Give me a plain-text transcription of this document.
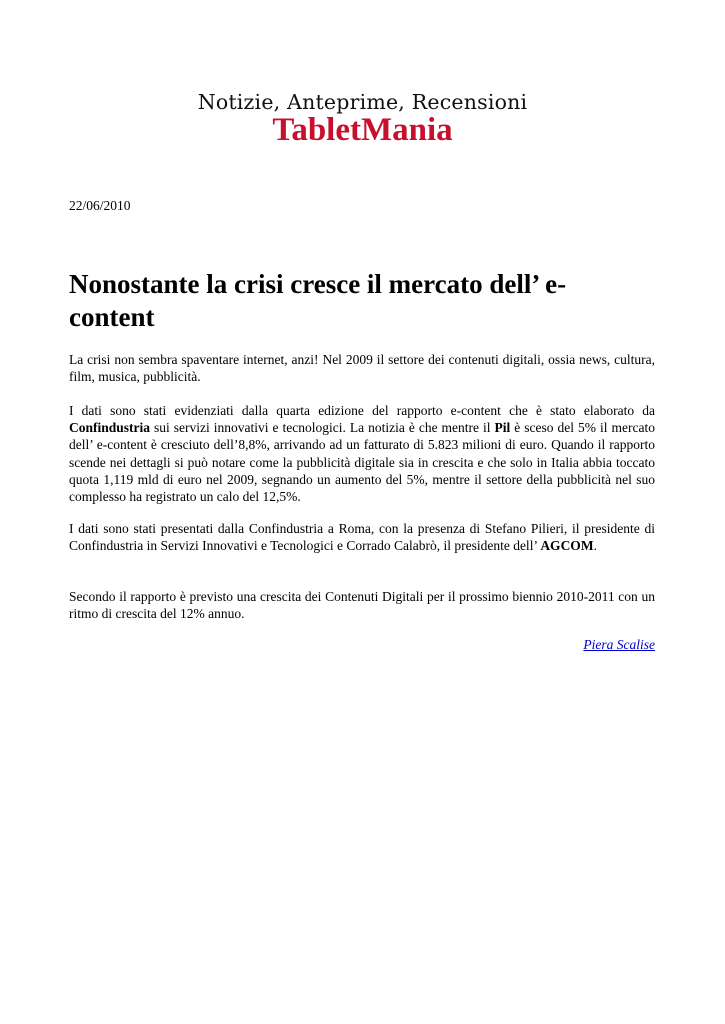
Notizie, Anteprime, Recensioni
TabletMania
22/06/2010
Nonostante la crisi cresce il mercato dell’ e-content

La crisi non sembra spaventare internet, anzi! Nel 2009 il settore dei contenuti digitali, ossia news, cultura, film, musica, pubblicità.

I dati sono stati evidenziati dalla quarta edizione del rapporto e-content che è stato elaborato da Confindustria sui servizi innovativi e tecnologici. La notizia è che mentre il Pil è sceso del 5% il mercato dell’ e-content è cresciuto dell’8,8%, arrivando ad un fatturato di 5.823 milioni di euro. Quando il rapporto scende nei dettagli si può notare come la pubblicità digitale sia in crescita e che solo in Italia abbia toccato quota 1,119 mld di euro nel 2009, segnando un aumento del 5%, mentre il settore della pubblicità nel suo complesso ha registrato un calo del 12,5%.

I dati sono stati presentati dalla Confindustria a Roma, con la presenza di Stefano Pilieri, il presidente di Confindustria in Servizi Innovativi e Tecnologici e Corrado Calabrò, il presidente dell’ AGCOM.

Secondo il rapporto è previsto una crescita dei Contenuti Digitali per il prossimo biennio 2010-2011 con un ritmo di crescita del 12% annuo.

Piera Scalise
